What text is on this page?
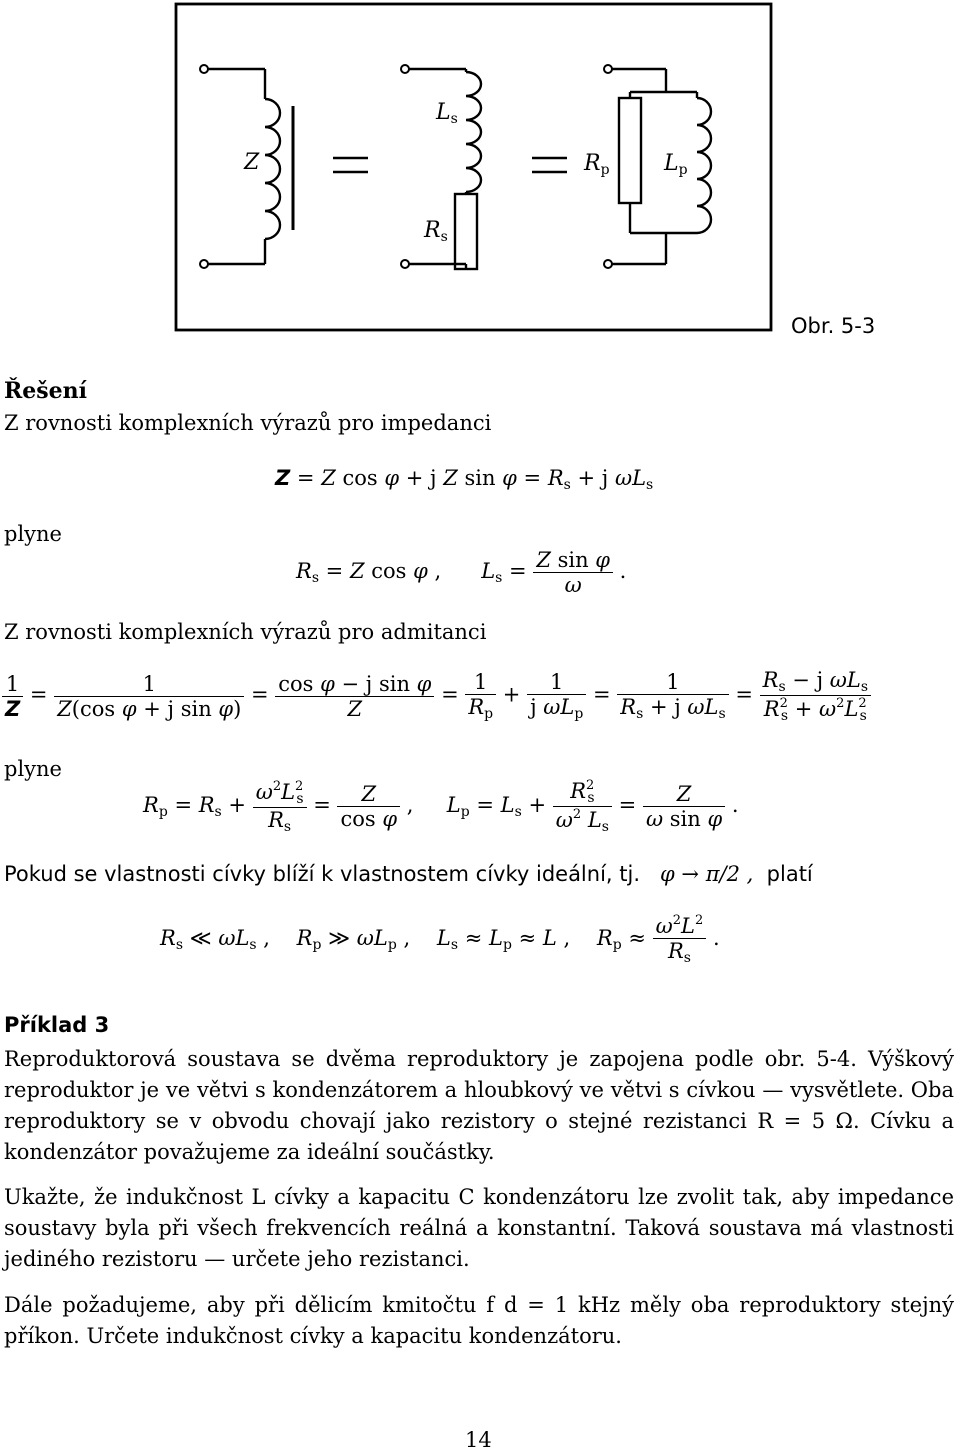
Z
$L_s$
$R_s$
$R_p$ $L_p$
Obr. 5-3
Řešení
Z rovnosti komplexních výrazů pro impedanci
Z = Z cos φ + j Z $\sin \varphi = R_s + j$ $\omega L_s$
plyne
$R_s = Z$ cos φ ,      $L_s = \frac{\text{Z sin φ}}{\omega}$ .
Z rovnosti komplexních výrazů pro admitanci
$\frac{1}{Z} = \frac{1}{\text{Z(cos φ + j sin φ)}} = \frac{\text{cos φ − j sin φ}}{Z} = \frac{1}{R_p} + \frac{1}{j \omega L_p} = \frac{1}{R_s + j \omega L_s} = \frac{R_s - j \omega L_s}{R^2_s + \omega^2L^2_s}$
plyne
$R_p = R_s + \frac{\omega^2L^2_s}{R_s} = \frac{Z}{\text{cos φ}}$ ,     $L_p = L_s + \frac{R^2_s}{\omega^2 L_s} = \frac{Z}{\text{ω sin φ}}$ .
Pokud se vlastnosti cívky blíží k vlastnostem cívky ideální, tj. φ → π/2 , platí
$R_s$ ≪ $\omega L_s$ ,    $R_p$ ≫ $\omega L_p$ ,    $L_s \approx L_p \approx L$ ,    $R_p \approx \frac{\omega^2L^2}{R_s}$ .
Příklad 3
Reproduktorová soustava se dvěma reproduktory je zapojena podle obr. 5-4. Výškový reproduktor je ve větvi s kondenzátorem a hloubkový ve větvi s cívkou — vysvětlete. Oba reproduktory se v obvodu chovají jako rezistory o stejné rezistanci R = 5 Ω. Cívku a kondenzátor považujeme za ideální součástky.
Ukažte, že indukčnost L cívky a kapacitu C kondenzátoru lze zvolit tak, aby impedance soustavy byla při všech frekvencích reálná a konstantní. Taková soustava má vlastnosti jediného rezistoru — určete jeho rezistanci.
Dále požadujeme, aby při dělicím kmitočtu f d = 1 kHz měly oba reproduktory stejný příkon. Určete indukčnost cívky a kapacitu kondenzátoru.
14
